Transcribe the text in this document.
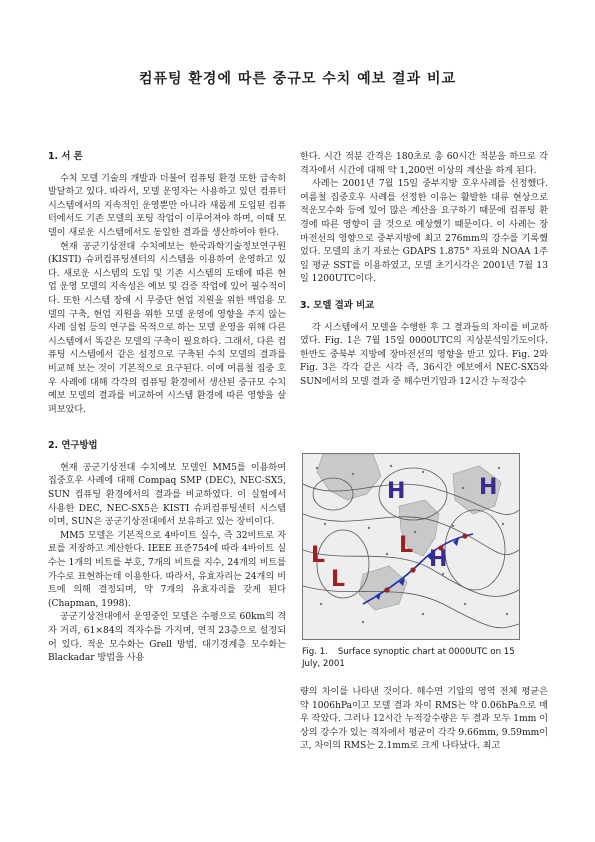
컴퓨팅 환경에 따른 중규모 수치 예보 결과 비교
1. 서 론

수치 모델 기술의 개발과 더불어 컴퓨팅 환경 또한 급속히 발달하고 있다. 따라서, 모델 운영자는 사용하고 있던 컴퓨터 시스템에서의 지속적인 운영뿐만 아니라 새롭게 도입된 컴퓨터에서도 기존 모델의 포팅 작업이 이루어져야 하며, 이때 모델이 새로운 시스템에서도 동일한 결과를 생산하여야 한다.

현재 공군기상전대 수치예보는 한국과학기술정보연구원(KISTI) 슈퍼컴퓨팅센터의 시스템을 이용하여 운영하고 있다. 새로운 시스템의 도입 및 기존 시스템의 도태에 따른 현업 운영 모델의 지속성은 예보 및 검증 작업에 있어 필수적이다. 또한 시스템 장애 시 무중단 현업 지원을 위한 백업용 모델의 구축, 현업 지원을 위한 모델 운영에 영향을 주지 않는 사례 실험 등의 연구를 목적으로 하는 모델 운영을 위해 다른 시스템에서 똑같은 모델의 구축이 필요하다. 그래서, 다른 컴퓨팅 시스템에서 같은 설정으로 구축된 수치 모델의 결과를 비교해 보는 것이 기본적으로 요구된다. 이에 여름철 집중 호우 사례에 대해 각각의 컴퓨팅 환경에서 생산된 중규모 수치 예보 모델의 결과를 비교하여 시스템 환경에 따른 영향을 살펴보았다.

2. 연구방법

현재 공군기상전대 수치예보 모델인 MM5를 이용하여 집중호우 사례에 대해 Compaq SMP (DEC), NEC-SX5, SUN 컴퓨팅 환경에서의 결과를 비교하였다. 이 실험에서 사용한 DEC, NEC-SX5은 KISTI 슈퍼컴퓨팅센터 시스템이며, SUN은 공군기상전대에서 보유하고 있는 장비이다.

MM5 모델은 기본적으로 4바이트 실수, 즉 32비트로 자료를 저장하고 계산한다. IEEE 표준754에 따라 4바이트 실수는 1개의 비트를 부호, 7개의 비트를 지수, 24개의 비트를 가수로 표현하는데 이용한다. 따라서, 유효자리는 24개의 비트에 의해 결정되며, 약 7개의 유효자리를 갖게 된다(Chapman, 1998).

공군기상전대에서 운영중인 모델은 수평으로 60km의 격자 거리, 61×84의 격자수를 가지며, 연직 23층으로 설정되어 있다. 적운 모수화는 Grell 방법, 대기경계층 모수화는 Blackadar 방법을 사용

한다. 시간 적분 간격은 180초로 총 60시간 적분을 하므로 각 격자에서 시간에 대해 약 1,200번 이상의 계산을 하게 된다.

사례는 2001년 7월 15일 중부지방 호우사례를 선정했다. 여름철 집중호우 사례를 선정한 이유는 활발한 대류 현상으로 적운모수화 등에 있어 많은 계산을 요구하기 때문에 컴퓨팅 환경에 따른 영향이 클 것으로 예상했기 때문이다. 이 사례는 장마전선의 영향으로 중부지방에 최고 276mm의 강수를 기록했었다. 모델의 초기 자료는 GDAPS 1.875° 자료와 NOAA 1주일 평균 SST를 이용하였고, 모델 초기시각은 2001년 7월 13일 1200UTC이다.

3. 모델 결과 비교

각 시스템에서 모델을 수행한 후 그 결과들의 차이를 비교하였다. Fig. 1은 7월 15일 0000UTC의 지상분석일기도이다. 한반도 중북부 지방에 장마전선의 영향을 받고 있다. Fig. 2와 Fig. 3은 각각 같은 시각 즉, 36시간 예보에서 NEC-SX5와 SUN에서의 모델 결과 중 해수면기압과 12시간 누적강수

H	H
H
L
L
L
Fig. 1. Surface synoptic chart at 0000UTC on 15 July, 2001
량의 차이를 나타낸 것이다. 해수면 기압의 영역 전체 평균은 약 1006hPa이고 모델 결과 차이 RMS는 약 0.06hPa으로 매우 작았다. 그러나 12시간 누적강수량은 두 결과 모두 1mm 이상의 강수가 있는 격자에서 평균이 각각 9.66mm, 9.59mm이고, 차이의 RMS는 2.1mm로 크게 나타났다. 최고
